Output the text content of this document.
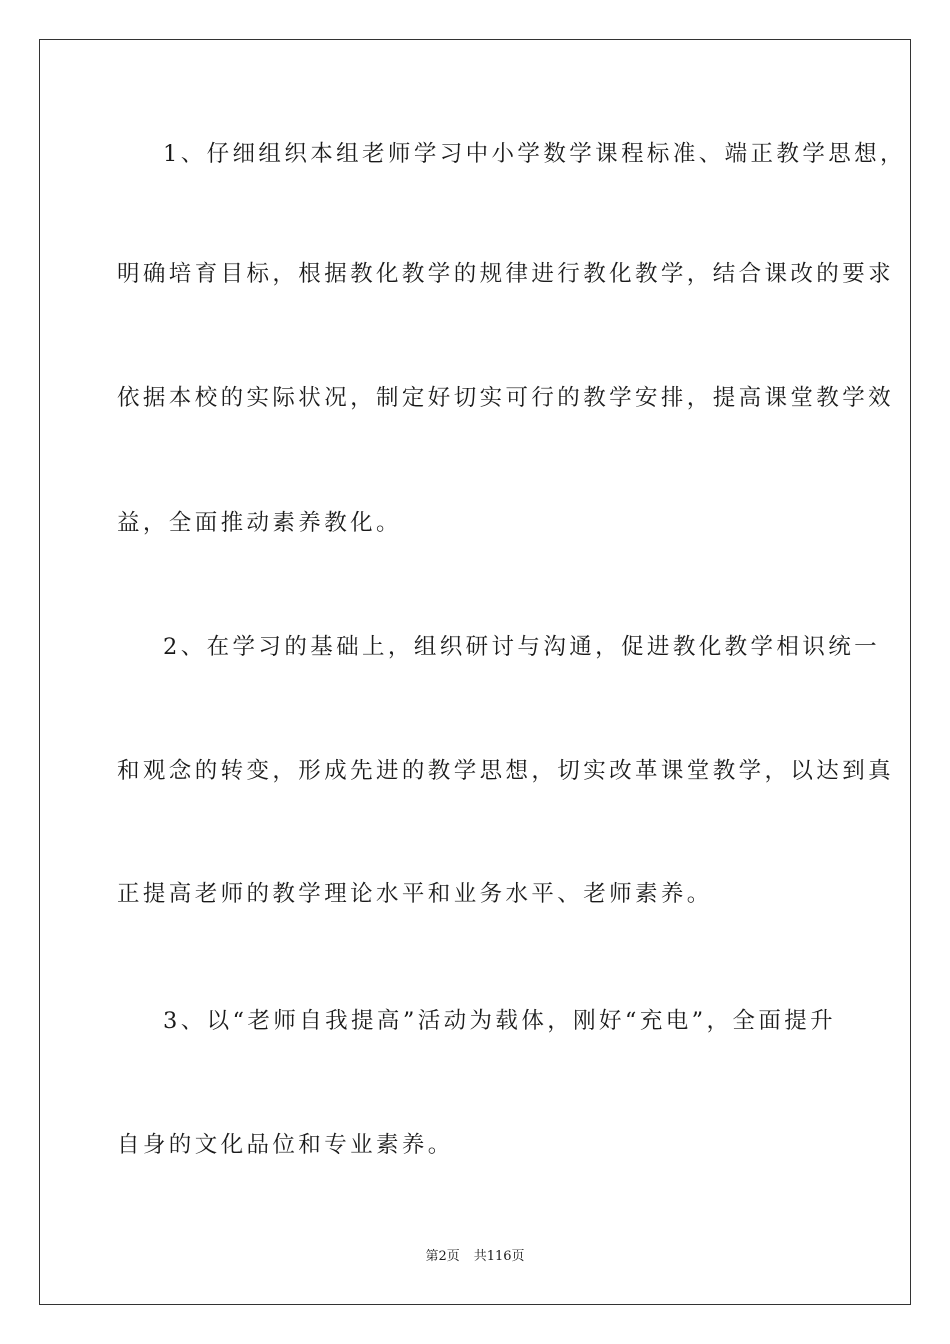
1、仔细组织本组老师学习中小学数学课程标准、端正教学思想，
明确培育目标，根据教化教学的规律进行教化教学，结合课改的要求
依据本校的实际状况，制定好切实可行的教学安排，提高课堂教学效
益，全面推动素养教化。
2、在学习的基础上，组织研讨与沟通，促进教化教学相识统一
和观念的转变，形成先进的教学思想，切实改革课堂教学，以达到真
正提高老师的教学理论水平和业务水平、老师素养。
3、以“老师自我提高”活动为载体，刚好“充电”，全面提升
自身的文化品位和专业素养。
第2页 共116页
